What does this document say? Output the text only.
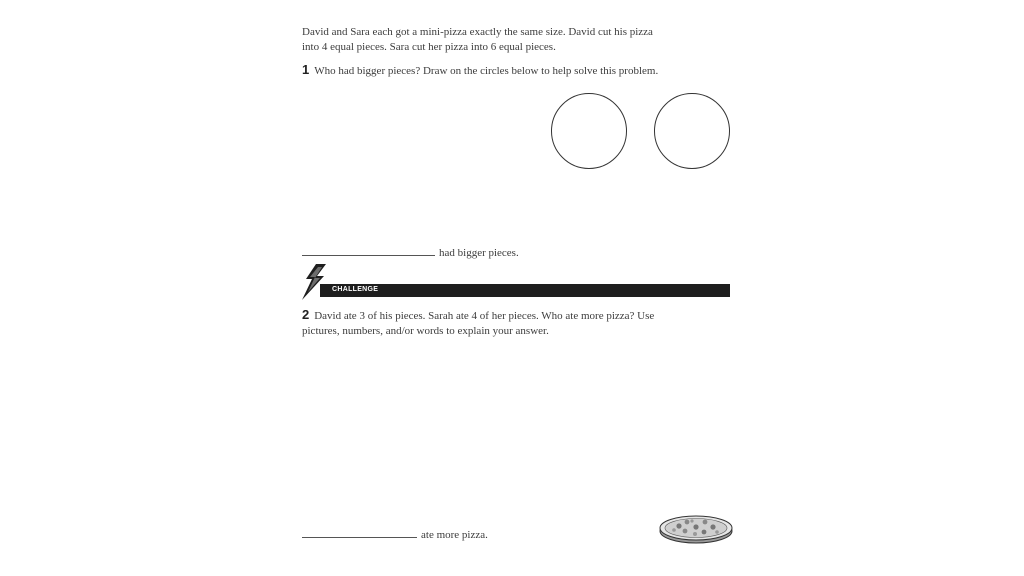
David and Sara each got a mini-pizza exactly the same size. David cut his pizza

into 4 equal pieces. Sara cut her pizza into 6 equal pieces.

1 Who had bigger pieces? Draw on the circles below to help solve this problem.
had bigger pieces.
CHALLENGE

2 David ate 3 of his pieces. Sarah ate 4 of her pieces. Who ate more pizza? Use

pictures, numbers, and/or words to explain your answer.

ate more pizza.
